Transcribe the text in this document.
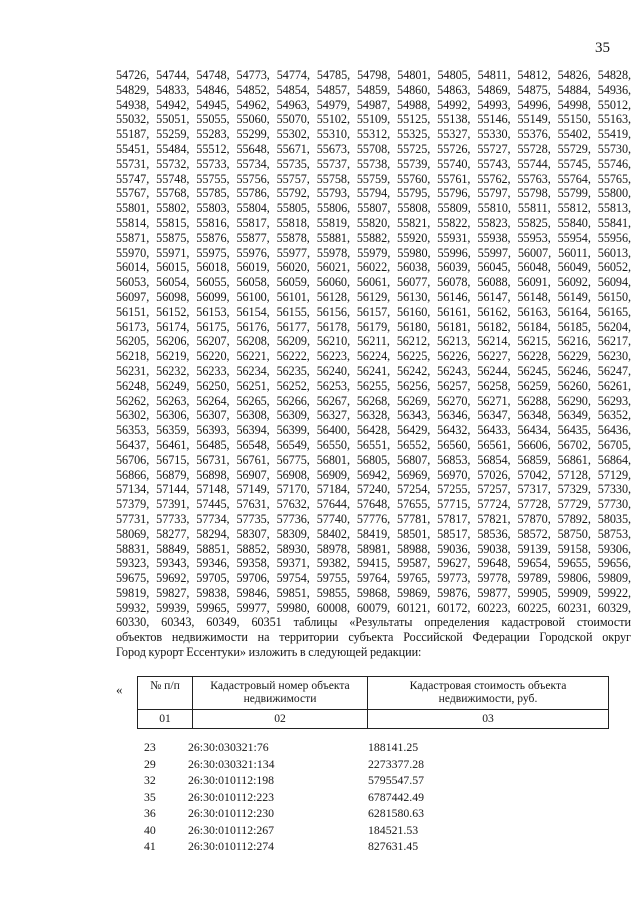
35
54726, 54744, 54748, 54773, 54774, 54785, 54798, 54801, 54805, 54811, 54812, 54826, 54828,
54829, 54833, 54846, 54852, 54854, 54857, 54859, 54860, 54863, 54869, 54875, 54884, 54936,
54938, 54942, 54945, 54962, 54963, 54979, 54987, 54988, 54992, 54993, 54996, 54998, 55012,
55032, 55051, 55055, 55060, 55070, 55102, 55109, 55125, 55138, 55146, 55149, 55150, 55163,
55187, 55259, 55283, 55299, 55302, 55310, 55312, 55325, 55327, 55330, 55376, 55402, 55419,
55451, 55484, 55512, 55648, 55671, 55673, 55708, 55725, 55726, 55727, 55728, 55729, 55730,
55731, 55732, 55733, 55734, 55735, 55737, 55738, 55739, 55740, 55743, 55744, 55745, 55746,
55747, 55748, 55755, 55756, 55757, 55758, 55759, 55760, 55761, 55762, 55763, 55764, 55765,
55767, 55768, 55785, 55786, 55792, 55793, 55794, 55795, 55796, 55797, 55798, 55799, 55800,
55801, 55802, 55803, 55804, 55805, 55806, 55807, 55808, 55809, 55810, 55811, 55812, 55813,
55814, 55815, 55816, 55817, 55818, 55819, 55820, 55821, 55822, 55823, 55825, 55840, 55841,
55871, 55875, 55876, 55877, 55878, 55881, 55882, 55920, 55931, 55938, 55953, 55954, 55956,
55970, 55971, 55975, 55976, 55977, 55978, 55979, 55980, 55996, 55997, 56007, 56011, 56013,
56014, 56015, 56018, 56019, 56020, 56021, 56022, 56038, 56039, 56045, 56048, 56049, 56052,
56053, 56054, 56055, 56058, 56059, 56060, 56061, 56077, 56078, 56088, 56091, 56092, 56094,
56097, 56098, 56099, 56100, 56101, 56128, 56129, 56130, 56146, 56147, 56148, 56149, 56150,
56151, 56152, 56153, 56154, 56155, 56156, 56157, 56160, 56161, 56162, 56163, 56164, 56165,
56173, 56174, 56175, 56176, 56177, 56178, 56179, 56180, 56181, 56182, 56184, 56185, 56204,
56205, 56206, 56207, 56208, 56209, 56210, 56211, 56212, 56213, 56214, 56215, 56216, 56217,
56218, 56219, 56220, 56221, 56222, 56223, 56224, 56225, 56226, 56227, 56228, 56229, 56230,
56231, 56232, 56233, 56234, 56235, 56240, 56241, 56242, 56243, 56244, 56245, 56246, 56247,
56248, 56249, 56250, 56251, 56252, 56253, 56255, 56256, 56257, 56258, 56259, 56260, 56261,
56262, 56263, 56264, 56265, 56266, 56267, 56268, 56269, 56270, 56271, 56288, 56290, 56293,
56302, 56306, 56307, 56308, 56309, 56327, 56328, 56343, 56346, 56347, 56348, 56349, 56352,
56353, 56359, 56393, 56394, 56399, 56400, 56428, 56429, 56432, 56433, 56434, 56435, 56436,
56437, 56461, 56485, 56548, 56549, 56550, 56551, 56552, 56560, 56561, 56606, 56702, 56705,
56706, 56715, 56731, 56761, 56775, 56801, 56805, 56807, 56853, 56854, 56859, 56861, 56864,
56866, 56879, 56898, 56907, 56908, 56909, 56942, 56969, 56970, 57026, 57042, 57128, 57129,
57134, 57144, 57148, 57149, 57170, 57184, 57240, 57254, 57255, 57257, 57317, 57329, 57330,
57379, 57391, 57445, 57631, 57632, 57644, 57648, 57655, 57715, 57724, 57728, 57729, 57730,
57731, 57733, 57734, 57735, 57736, 57740, 57776, 57781, 57817, 57821, 57870, 57892, 58035,
58069, 58277, 58294, 58307, 58309, 58402, 58419, 58501, 58517, 58536, 58572, 58750, 58753,
58831, 58849, 58851, 58852, 58930, 58978, 58981, 58988, 59036, 59038, 59139, 59158, 59306,
59323, 59343, 59346, 59358, 59371, 59382, 59415, 59587, 59627, 59648, 59654, 59655, 59656,
59675, 59692, 59705, 59706, 59754, 59755, 59764, 59765, 59773, 59778, 59789, 59806, 59809,
59819, 59827, 59838, 59846, 59851, 59855, 59868, 59869, 59876, 59877, 59905, 59909, 59922,
59932, 59939, 59965, 59977, 59980, 60008, 60079, 60121, 60172, 60223, 60225, 60231, 60329,
60330, 60343, 60349, 60351 таблицы «Результаты определения кадастровой стоимости
объектов недвижимости на территории субъекта Российской Федерации Городской округ
Город курорт Ессентуки» изложить в следующей редакции:
« № п/п	Кадастровый номер объекта недвижимости	Кадастровая стоимость объекта недвижимости, руб.
01	02	03
23	26:30:030321:76	188141.25
29	26:30:030321:134	2273377.28
32	26:30:010112:198	5795547.57
35	26:30:010112:223	6787442.49
36	26:30:010112:230	6281580.63
40	26:30:010112:267	184521.53
41	26:30:010112:274	827631.45
